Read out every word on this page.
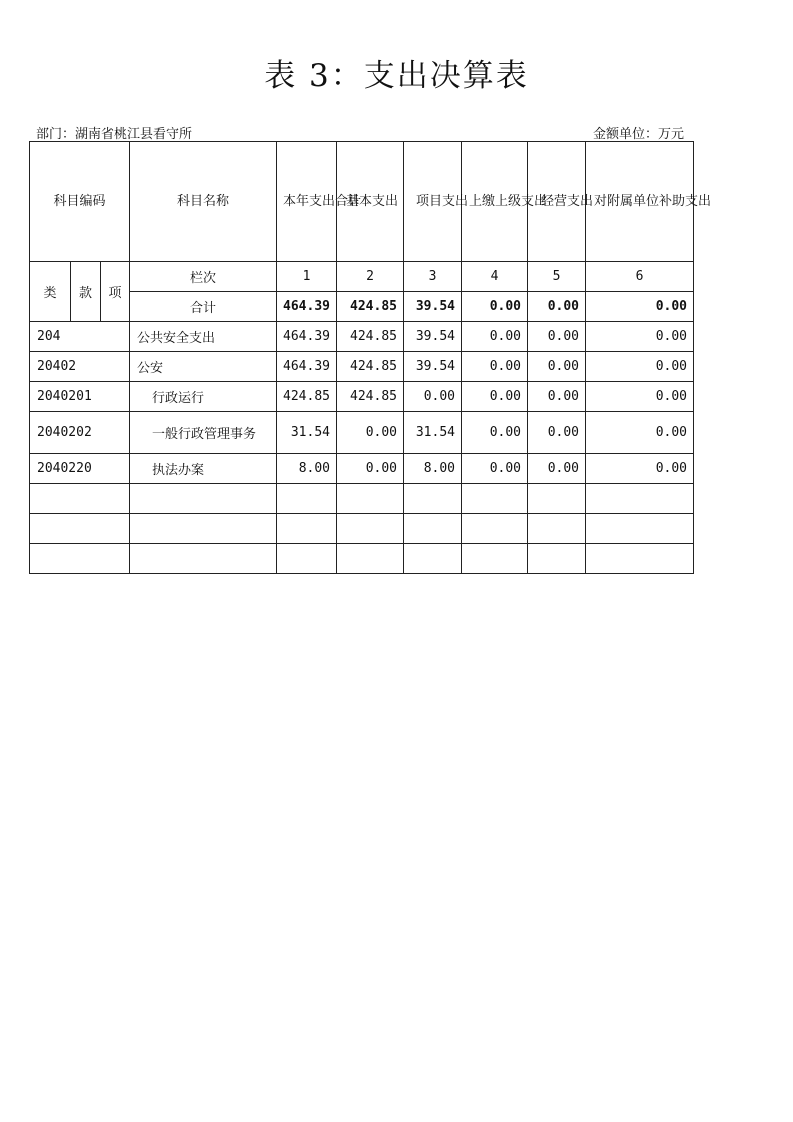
表 3：支出决算表
部门：湖南省桃江县看守所	金额单位：万元
科目编码			科目名称	本年支出合计	基本支出	项目支出	上缴上级支出	经营支出	对附属单位补助支出
类	款	项	栏次	1	2	3	4	5	6
			合计	464.39	424.85	39.54	0.00	0.00	0.00
204			公共安全支出	464.39	424.85	39.54	0.00	0.00	0.00
20402			公安	464.39	424.85	39.54	0.00	0.00	0.00
2040201			行政运行	424.85	424.85	0.00	0.00	0.00	0.00
2040202			一般行政管理事务	31.54	0.00	31.54	0.00	0.00	0.00
2040220			执法办案	8.00	0.00	8.00	0.00	0.00	0.00
